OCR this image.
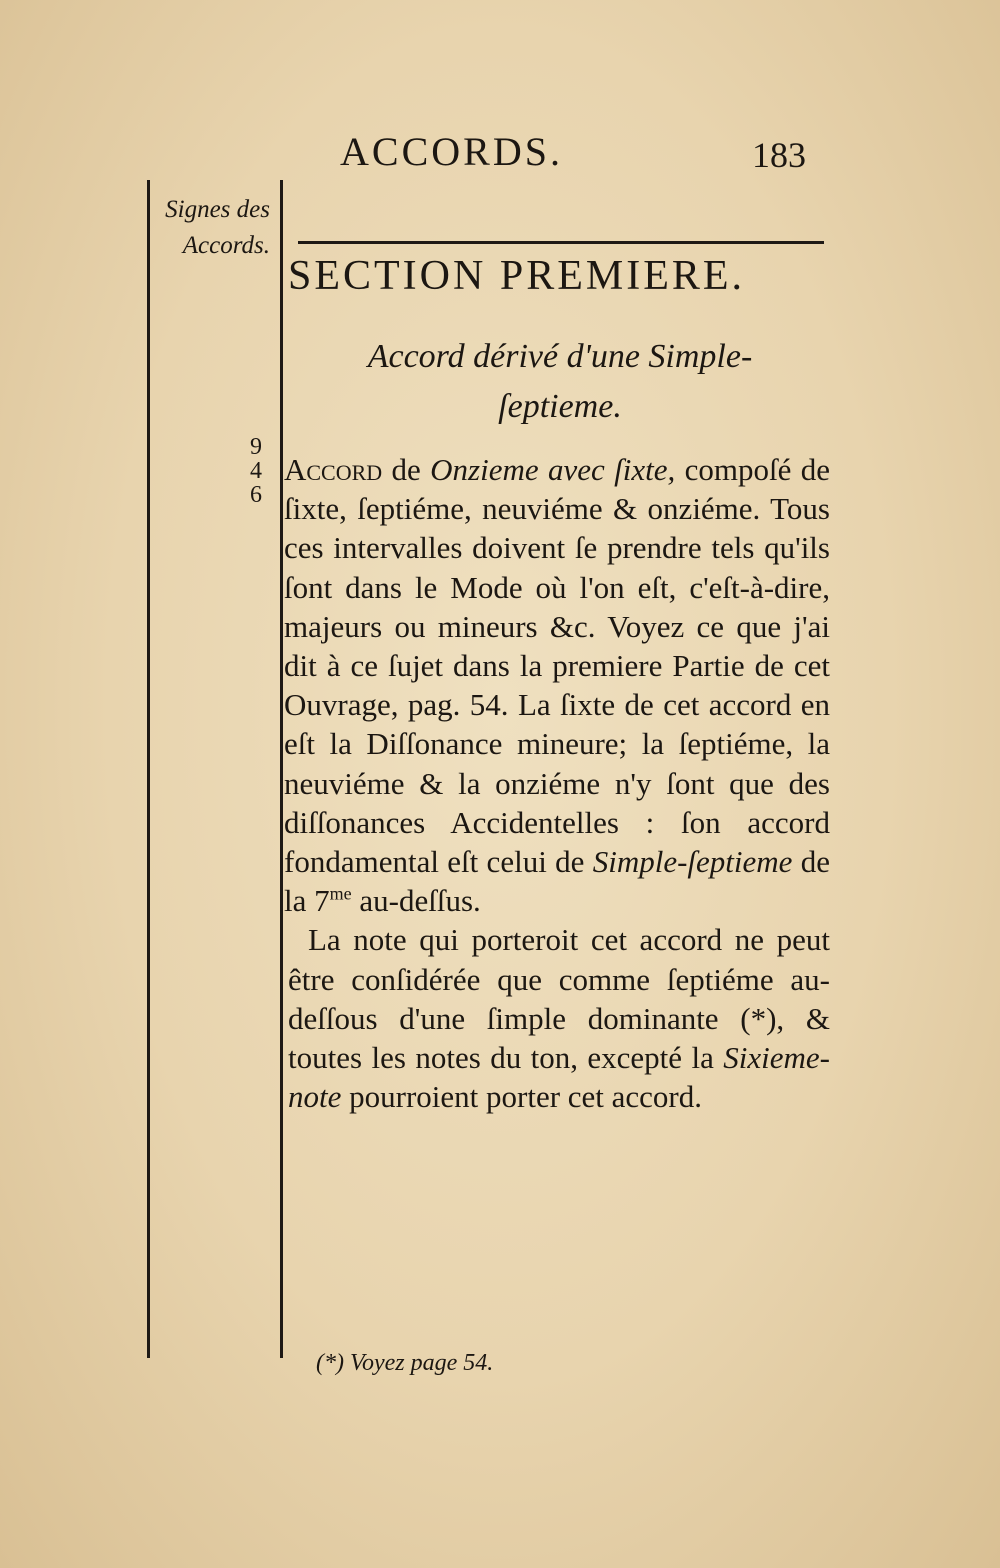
ACCORDS.	183
Signes des
Accords.
9
4
6
SECTION PREMIERE.
Accord dérivé d'une Simple-
ſeptieme.

Accord de Onzieme avec ſixte, compoſé de ſixte, ſeptiéme, neuviéme & onziéme. Tous ces intervalles doivent ſe prendre tels qu'ils ſont dans le Mode où l'on eſt, c'eſt-à-dire, majeurs ou mineurs &c. Voyez ce que j'ai dit à ce ſujet dans la premiere Partie de cet Ouvrage, pag. 54. La ſixte de cet accord en eſt la Diſſonance mineure; la ſeptiéme, la neuviéme & la onziéme n'y ſont que des diſſonances Accidentelles : ſon accord fondamental eſt celui de Simple-ſeptieme de la $7^{me}$ au-deſſus.

La note qui porteroit cet accord ne peut être conſidérée que comme ſeptiéme au-deſſous d'une ſimple dominante (*), & toutes les notes du ton, excepté la Sixieme-note pourroient porter cet accord.

(*) Voyez page 54.
